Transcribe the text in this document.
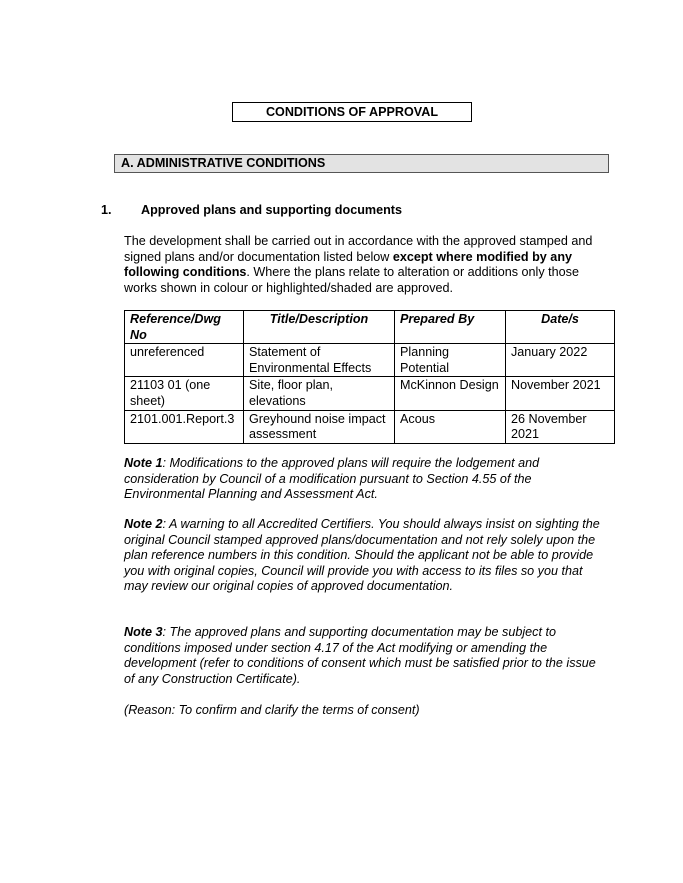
CONDITIONS OF APPROVAL
A. ADMINISTRATIVE CONDITIONS
1. Approved plans and supporting documents

The development shall be carried out in accordance with the approved stamped and signed plans and/or documentation listed below except where modified by any following conditions. Where the plans relate to alteration or additions only those works shown in colour or highlighted/shaded are approved.

Reference/Dwg No	Title/Description	Prepared By	Date/s
unreferenced	Statement of Environmental Effects	Planning Potential	January 2022
21103 01 (one sheet)	Site, floor plan, elevations	McKinnon Design	November 2021
2101.001.Report.3	Greyhound noise impact assessment	Acous	26 November 2021

Note 1: Modifications to the approved plans will require the lodgement and consideration by Council of a modification pursuant to Section 4.55 of the Environmental Planning and Assessment Act.

Note 2: A warning to all Accredited Certifiers. You should always insist on sighting the original Council stamped approved plans/documentation and not rely solely upon the plan reference numbers in this condition. Should the applicant not be able to provide you with original copies, Council will provide you with access to its files so you that may review our original copies of approved documentation.

Note 3: The approved plans and supporting documentation may be subject to conditions imposed under section 4.17 of the Act modifying or amending the development (refer to conditions of consent which must be satisfied prior to the issue of any Construction Certificate).

(Reason: To confirm and clarify the terms of consent)
